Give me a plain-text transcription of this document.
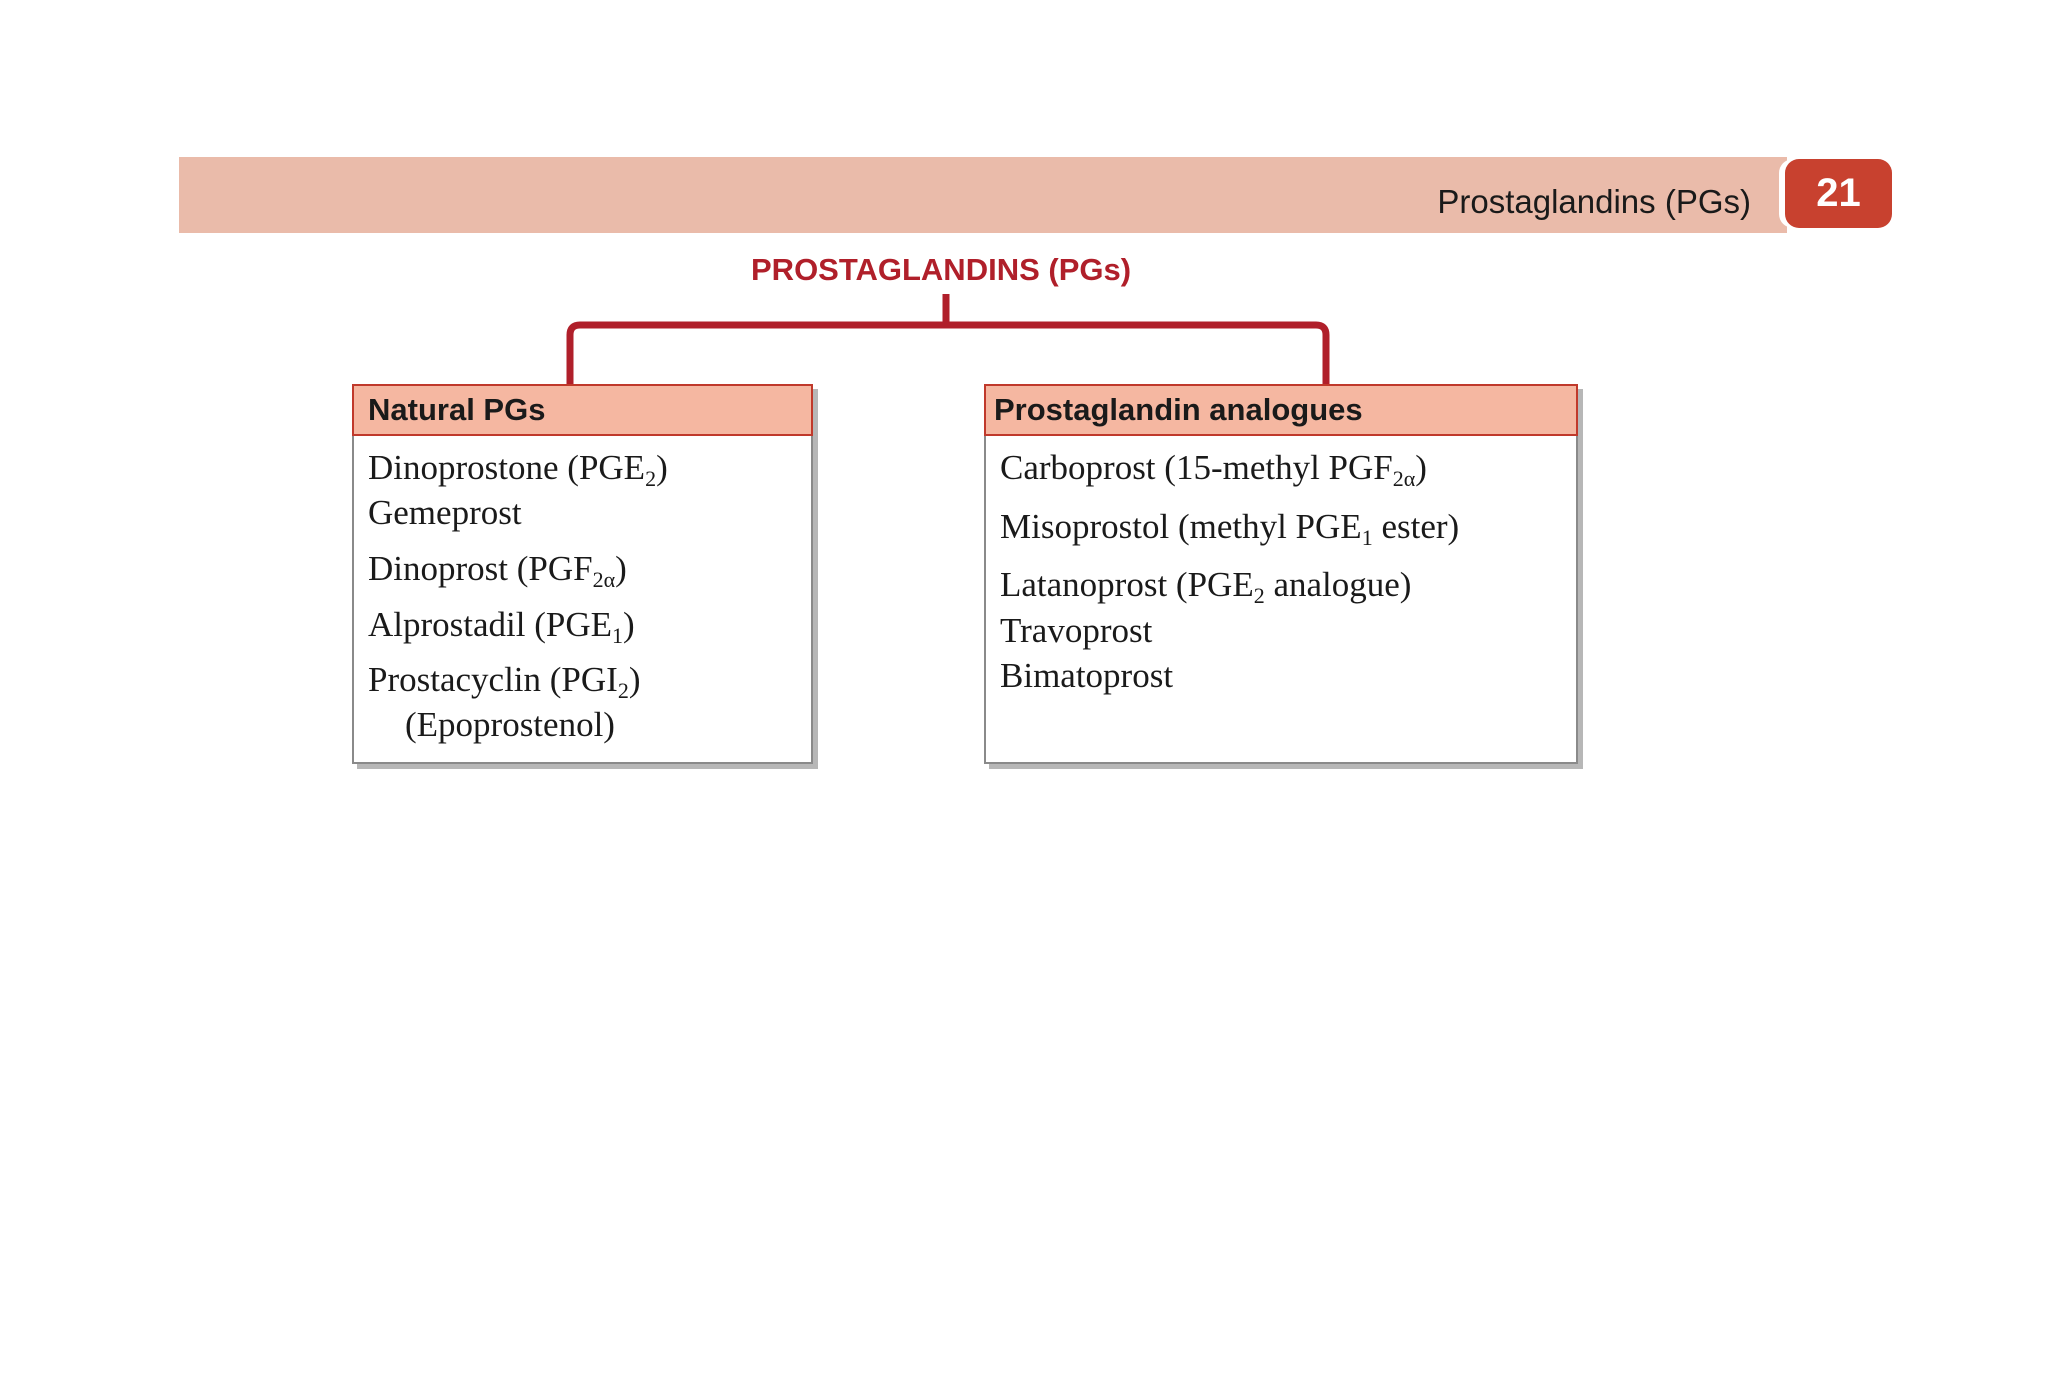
Prostaglandins (PGs)	21
PROSTAGLANDINS (PGs)
Natural PGs
Dinoprostone $(PGE_2)$
Gemeprost
Dinoprost $(PGF_{2\alpha})$
Alprostadil $(PGE_1)$
Prostacyclin $(PGI_2)$
(Epoprostenol)
Prostaglandin analogues
Carboprost (15-methyl $PGF_{2\alpha}$)
Misoprostol (methyl $PGE_1$ ester)
Latanoprost ($PGE_2$ analogue)
Travoprost
Bimatoprost
